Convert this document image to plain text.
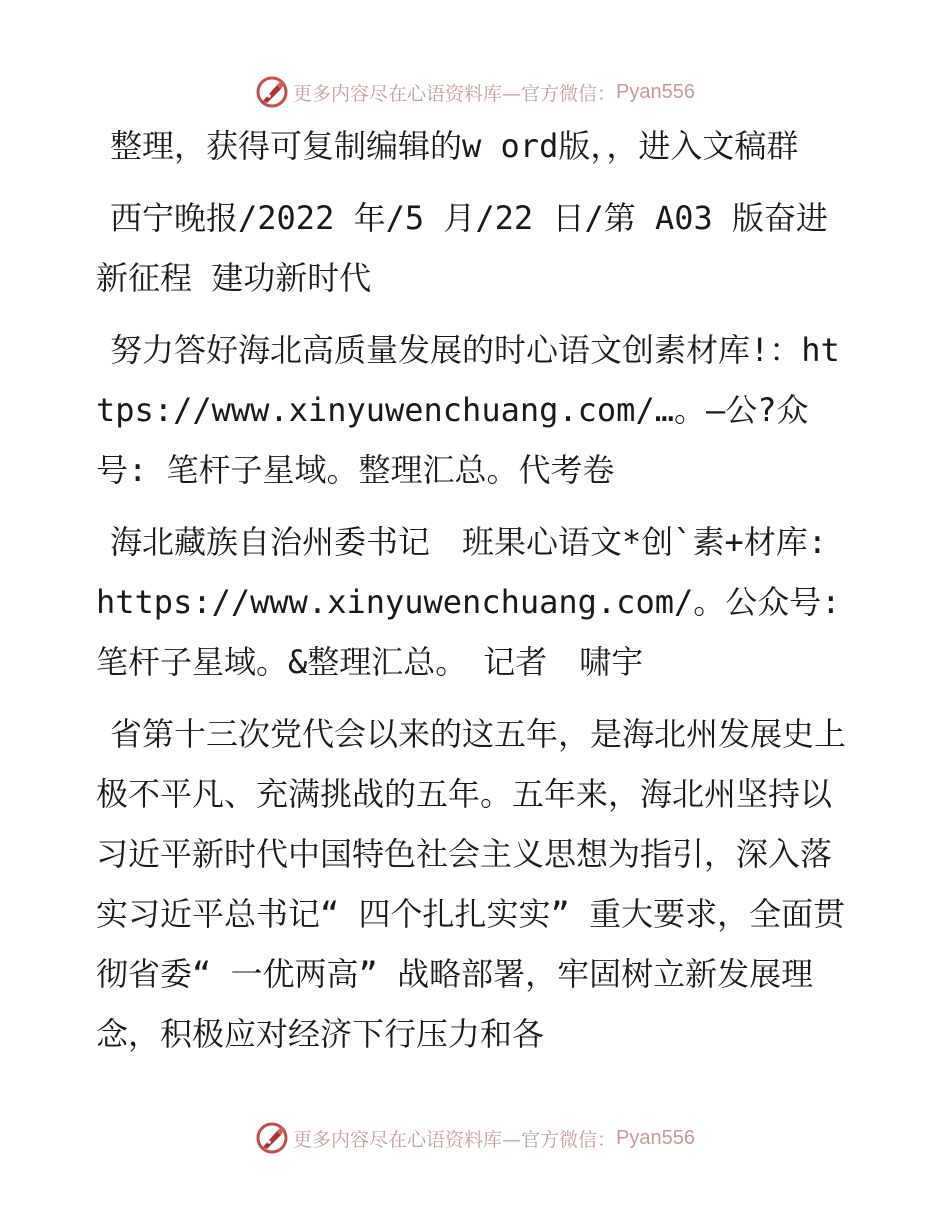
更多内容尽在心语资料库—官方微信： Pyan556

整理，获得可复制编辑的w ord版，，进入文稿群

西宁晚报/2022 年/5 月/22 日/第 A03 版奋进新征程 建功新时代

努力答好海北高质量发展的时心语文创素材库!：https://www.xinyuwenchuang.com/…。—公?众号: 笔杆子星域。整理汇总。代考卷

海北藏族自治州委书记　班果心语文*创`素+材库: https://www.xinyuwenchuang.com/。公众号: 笔杆子星域。&整理汇总。　记者　啸宇

省第十三次党代会以来的这五年，是海北州发展史上极不平凡、充满挑战的五年。五年来，海北州坚持以习近平新时代中国特色社会主义思想为指引，深入落实习近平总书记“ 四个扎扎实实” 重大要求，全面贯彻省委“ 一优两高” 战略部署，牢固树立新发展理念，积极应对经济下行压力和各

更多内容尽在心语资料库—官方微信： Pyan556
